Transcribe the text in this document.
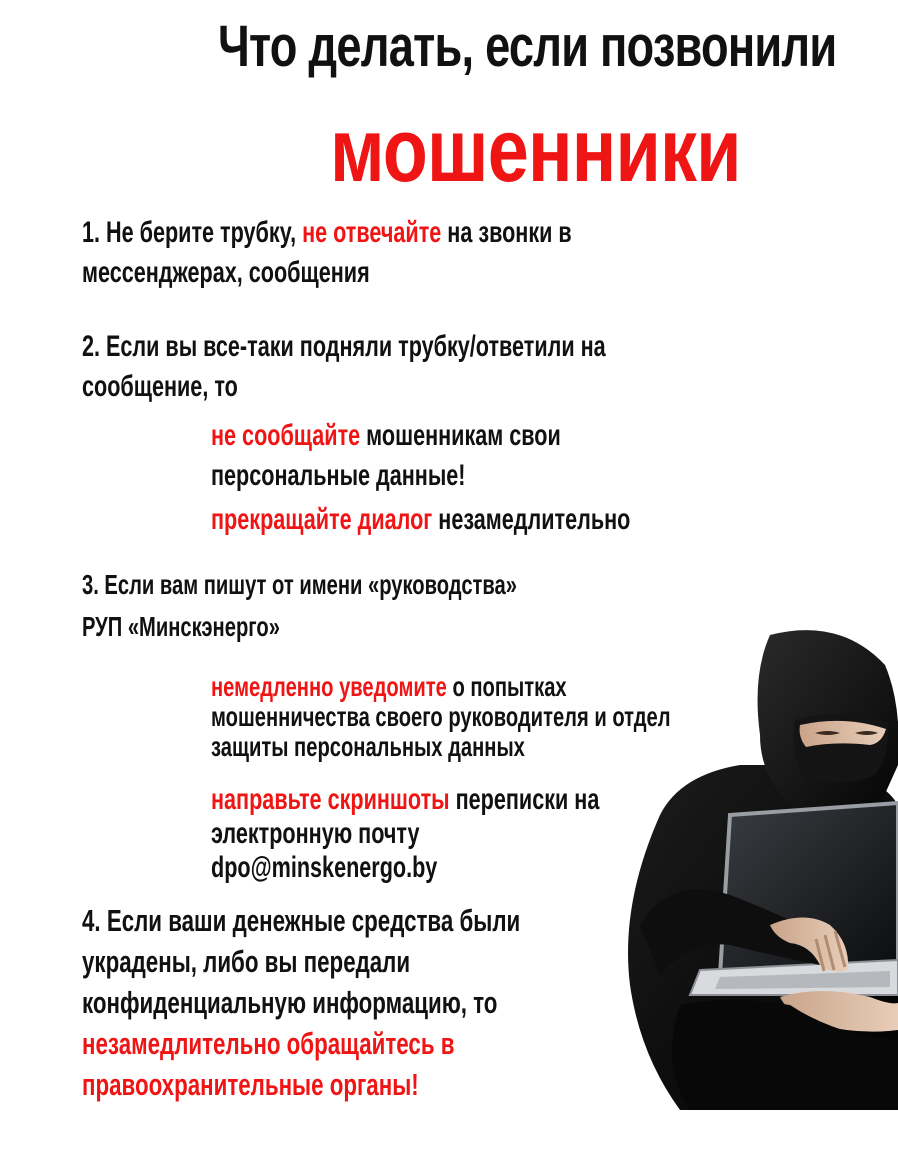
Что делать, если позвонили
мошенники
1. Не берите трубку, не отвечайте на звонки в
мессенджерах, сообщения
2. Если вы все-таки подняли трубку/ответили на
сообщение, то
не сообщайте мошенникам свои
персональные данные!
прекращайте диалог незамедлительно
3. Если вам пишут от имени «руководства»
РУП «Минскэнерго»
немедленно уведомите о попытках
мошенничества своего руководителя и отдел
защиты персональных данных
направьте скриншоты переписки на
электронную почту
dpo@minskenergo.by
4. Если ваши денежные средства были
украдены, либо вы передали
конфиденциальную информацию, то
незамедлительно обращайтесь в
правоохранительные органы!
